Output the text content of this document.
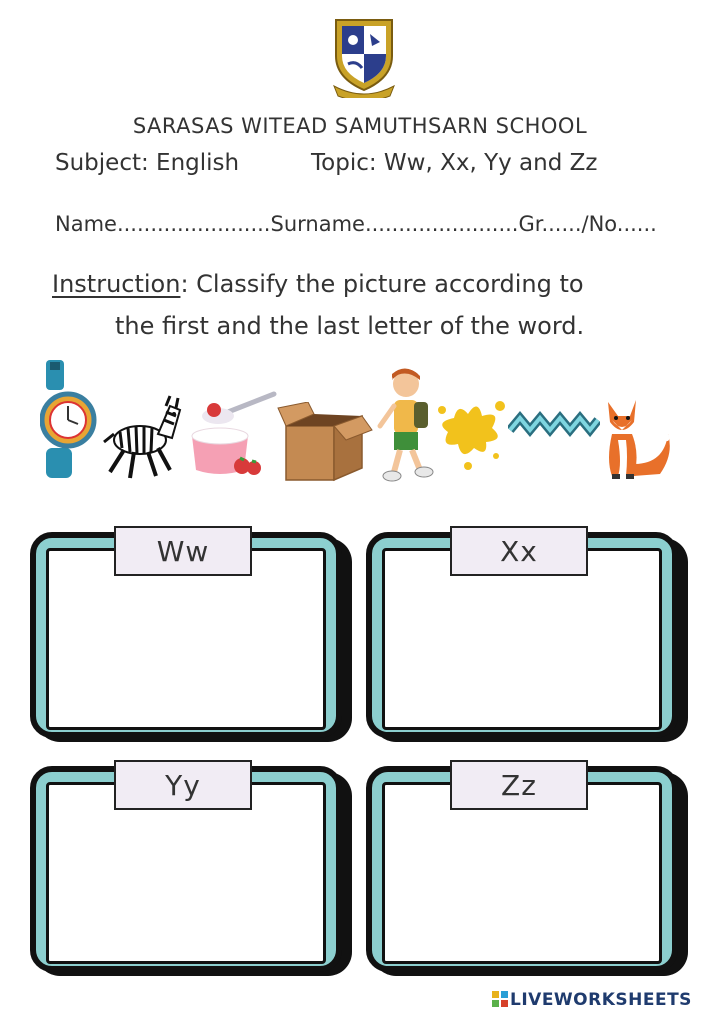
SARASAS WITEAD SAMUTHSARN SCHOOL
Subject: English	Topic: Ww, Xx, Yy and Zz
Name.......................Surname.......................Gr....../No......
Instruction: Classify the picture according to
the first and the last letter of the word.
Ww	Xx
Yy	Zz
LIVEWORKSHEETS
